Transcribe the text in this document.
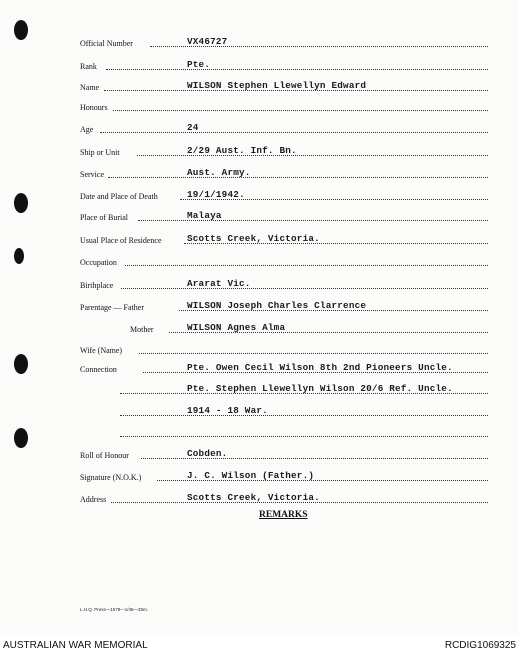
Official Number	VX46727
Rank	Pte.
Name	WILSON Stephen Llewellyn Edward
Honours
Age	24
Ship or Unit	2/29 Aust. Inf. Bn.
Service	Aust. Army.
Date and Place of Death	19/1/1942.
Place of Burial	Malaya
Usual Place of Residence	Scotts Creek, Victoria.
Occupation
Birthplace	Ararat Vic.
Parentage — Father	WILSON Joseph Charles Clarrence
Mother	WILSON Agnes Alma
Wife (Name)
Connection	Pte. Owen Cecil Wilson 8th 2nd Pioneers Uncle.
Pte. Stephen Llewellyn Wilson 20/6 Ref. Uncle.
1914 - 18 War.
Roll of Honour	Cobden.
Signature (N.O.K.)	J. C. Wilson (Father.)
Address	Scotts Creek, Victoria.
REMARKS
L.H.Q. Press—1579—1/45—25m.
AUSTRALIAN WAR MEMORIAL	RCDIG1069325
